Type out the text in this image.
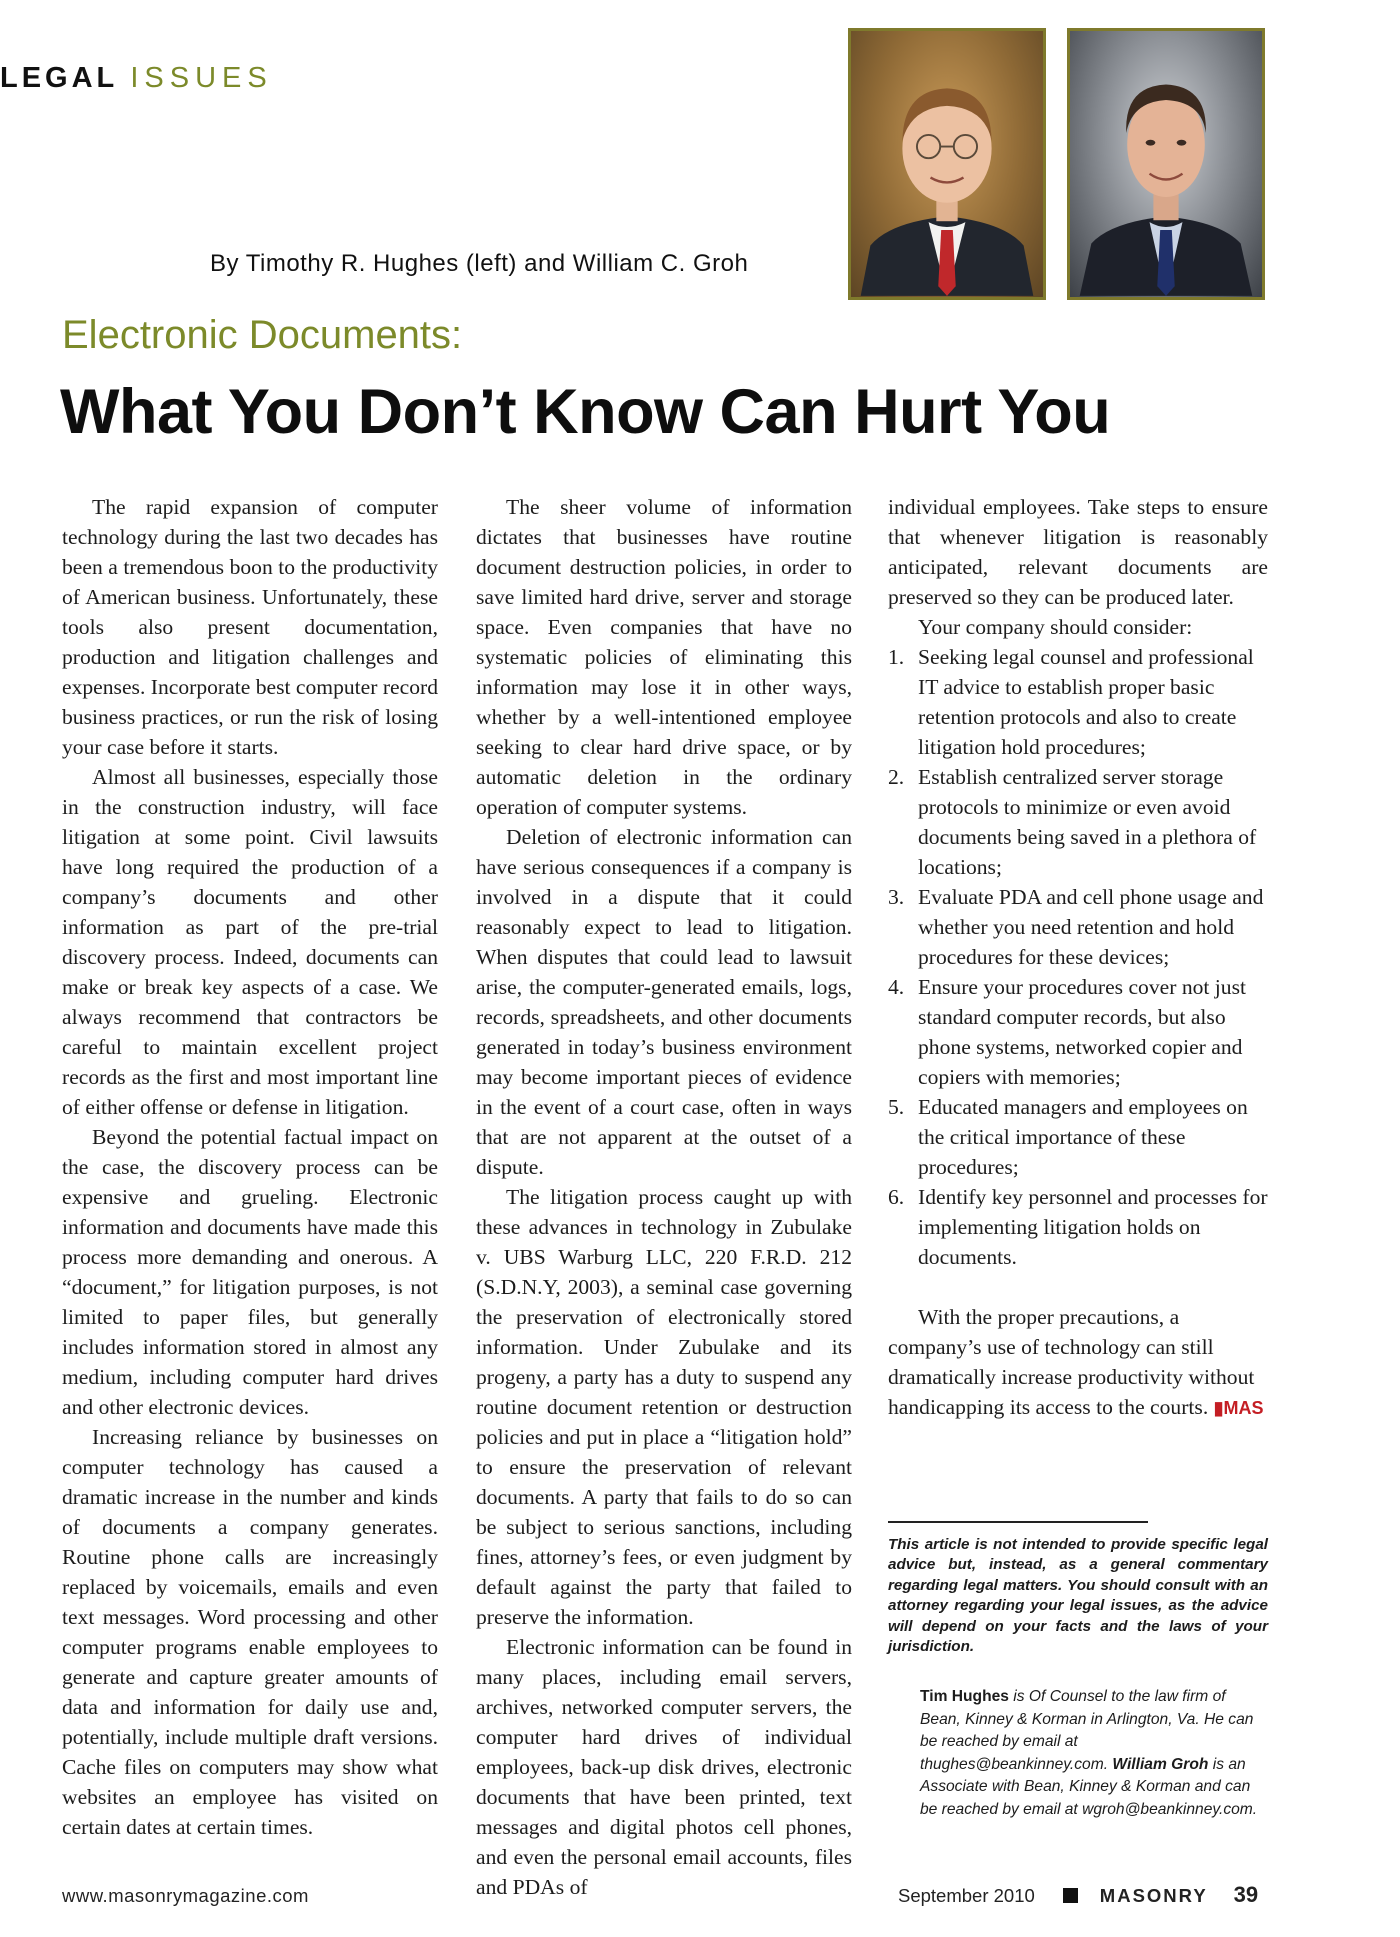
LEGAL ISSUES
By Timothy R. Hughes (left) and William C. Groh
Electronic Documents:
What You Don’t Know Can Hurt You

The rapid expansion of computer technology during the last two decades has been a tremendous boon to the productivity of American business. Unfortunately, these tools also present documentation, production and litigation challenges and expenses. Incorporate best computer record business practices, or run the risk of losing your case before it starts.

Almost all businesses, especially those in the construction industry, will face litigation at some point. Civil lawsuits have long required the production of a company’s documents and other information as part of the pre-trial discovery process. Indeed, documents can make or break key aspects of a case. We always recommend that contractors be careful to maintain excellent project records as the first and most important line of either offense or defense in litigation.

Beyond the potential factual impact on the case, the discovery process can be expensive and grueling. Electronic information and documents have made this process more demanding and onerous. A “document,” for litigation purposes, is not limited to paper files, but generally includes information stored in almost any medium, including computer hard drives and other electronic devices.

Increasing reliance by businesses on computer technology has caused a dramatic increase in the number and kinds of documents a company generates. Routine phone calls are increasingly replaced by voicemails, emails and even text messages. Word processing and other computer programs enable employees to generate and capture greater amounts of data and information for daily use and, potentially, include multiple draft versions. Cache files on computers may show what websites an employee has visited on certain dates at certain times.

The sheer volume of information dictates that businesses have routine document destruction policies, in order to save limited hard drive, server and storage space. Even companies that have no systematic policies of eliminating this information may lose it in other ways, whether by a well-intentioned employee seeking to clear hard drive space, or by automatic deletion in the ordinary operation of computer systems.

Deletion of electronic information can have serious consequences if a company is involved in a dispute that it could reasonably expect to lead to litigation. When disputes that could lead to lawsuit arise, the computer-generated emails, logs, records, spreadsheets, and other documents generated in today’s business environment may become important pieces of evidence in the event of a court case, often in ways that are not apparent at the outset of a dispute.

The litigation process caught up with these advances in technology in Zubulake v. UBS Warburg LLC, 220 F.R.D. 212 (S.D.N.Y, 2003), a seminal case governing the preservation of electronically stored information. Under Zubulake and its progeny, a party has a duty to suspend any routine document retention or destruction policies and put in place a “litigation hold” to ensure the preservation of relevant documents. A party that fails to do so can be subject to serious sanctions, including fines, attorney’s fees, or even judgment by default against the party that failed to preserve the information.

Electronic information can be found in many places, including email servers, archives, networked computer servers, the computer hard drives of individual employees, back-up disk drives, electronic documents that have been printed, text messages and digital photos cell phones, and even the personal email accounts, files and PDAs of

individual employees. Take steps to ensure that whenever litigation is reasonably anticipated, relevant documents are preserved so they can be produced later.

Your company should consider:

1. Seeking legal counsel and professional IT advice to establish proper basic retention protocols and also to create litigation hold procedures;
2. Establish centralized server storage protocols to minimize or even avoid documents being saved in a plethora of locations;
3. Evaluate PDA and cell phone usage and whether you need retention and hold procedures for these devices;
4. Ensure your procedures cover not just standard computer records, but also phone systems, networked copier and copiers with memories;
5. Educated managers and employees on the critical importance of these procedures;
6. Identify key personnel and processes for implementing litigation holds on documents.

With the proper precautions, a company’s use of technology can still dramatically increase productivity without handicapping its access to the courts. ▮MAS

This article is not intended to provide specific legal advice but, instead, as a general commentary regarding legal matters. You should consult with an attorney regarding your legal issues, as the advice will depend on your facts and the laws of your jurisdiction.
Tim Hughes is Of Counsel to the law firm of Bean, Kinney & Korman in Arlington, Va. He can be reached by email at thughes@beankinney.com. William Groh is an Associate with Bean, Kinney & Korman and can be reached by email at wgroh@beankinney.com.
www.masonrymagazine.com	September 2010	MASONRY 39
